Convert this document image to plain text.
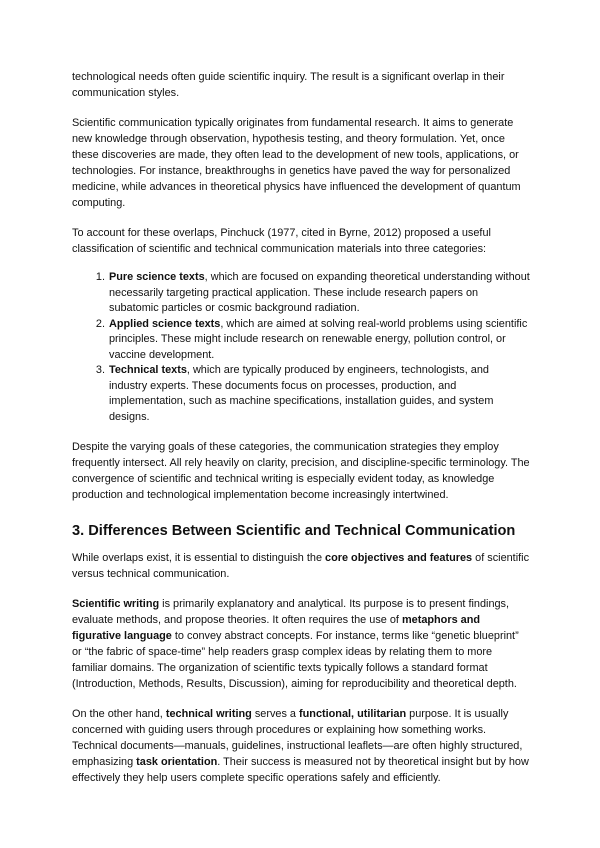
technological needs often guide scientific inquiry. The result is a significant overlap in their communication styles.

Scientific communication typically originates from fundamental research. It aims to generate new knowledge through observation, hypothesis testing, and theory formulation. Yet, once these discoveries are made, they often lead to the development of new tools, applications, or technologies. For instance, breakthroughs in genetics have paved the way for personalized medicine, while advances in theoretical physics have influenced the development of quantum computing.

To account for these overlaps, Pinchuck (1977, cited in Byrne, 2012) proposed a useful classification of scientific and technical communication materials into three categories:

1. Pure science texts, which are focused on expanding theoretical understanding without necessarily targeting practical application. These include research papers on subatomic particles or cosmic background radiation.
2. Applied science texts, which are aimed at solving real-world problems using scientific principles. These might include research on renewable energy, pollution control, or vaccine development.
3. Technical texts, which are typically produced by engineers, technologists, and industry experts. These documents focus on processes, production, and implementation, such as machine specifications, installation guides, and system designs.

Despite the varying goals of these categories, the communication strategies they employ frequently intersect. All rely heavily on clarity, precision, and discipline-specific terminology. The convergence of scientific and technical writing is especially evident today, as knowledge production and technological implementation become increasingly intertwined.

3. Differences Between Scientific and Technical Communication

While overlaps exist, it is essential to distinguish the core objectives and features of scientific versus technical communication.

Scientific writing is primarily explanatory and analytical. Its purpose is to present findings, evaluate methods, and propose theories. It often requires the use of metaphors and figurative language to convey abstract concepts. For instance, terms like “genetic blueprint” or “the fabric of space-time” help readers grasp complex ideas by relating them to more familiar domains. The organization of scientific texts typically follows a standard format (Introduction, Methods, Results, Discussion), aiming for reproducibility and theoretical depth.

On the other hand, technical writing serves a functional, utilitarian purpose. It is usually concerned with guiding users through procedures or explaining how something works. Technical documents—manuals, guidelines, instructional leaflets—are often highly structured, emphasizing task orientation. Their success is measured not by theoretical insight but by how effectively they help users complete specific operations safely and efficiently.
